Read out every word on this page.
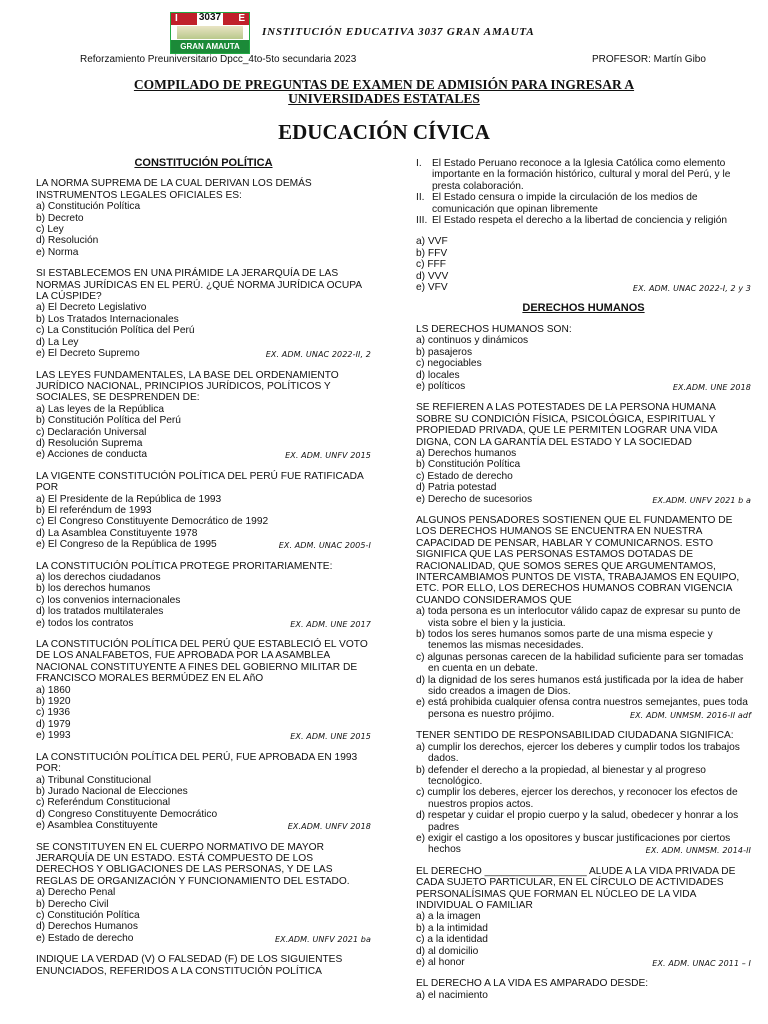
I	E
3037
GRAN AMAUTA
INSTITUCIÓN EDUCATIVA 3037 GRAN AMAUTA
Reforzamiento Preuniversitario Dpcc_4to-5to secundaria 2023	PROFESOR: Martín Gibo
COMPILADO DE PREGUNTAS DE EXAMEN DE ADMISIÓN PARA INGRESAR A UNIVERSIDADES ESTATALES
EDUCACIÓN CÍVICA
CONSTITUCIÓN POLÍTICA
LA NORMA SUPREMA DE LA CUAL DERIVAN LOS DEMÁS INSTRUMENTOS LEGALES OFICIALES ES:
a) Constitución Política
b) Decreto
c) Ley
d) Resolución
e) Norma
SI ESTABLECEMOS EN UNA PIRÁMIDE LA JERARQUÍA DE LAS NORMAS JURÍDICAS EN EL PERÚ. ¿QUÉ NORMA JURÍDICA OCUPA LA CÚSPIDE?
a) El Decreto Legislativo
b) Los Tratados Internacionales
c) La Constitución Política del Perú
d) La Ley
EX. ADM. UNAC 2022-II, 2
e) El Decreto Supremo
LAS LEYES FUNDAMENTALES, LA BASE DEL ORDENAMIENTO JURÍDICO NACIONAL, PRINCIPIOS JURÍDICOS, POLÍTICOS Y SOCIALES, SE DESPRENDEN DE:
a) Las leyes de la República
b) Constitución Política del Perú
c) Declaración Universal
d) Resolución Suprema
EX. ADM. UNFV 2015
e) Acciones de conducta
LA VIGENTE CONSTITUCIÓN POLÍTICA DEL PERÚ FUE RATIFICADA POR
a) El Presidente de la República de 1993
b) El referéndum de 1993
c) El Congreso Constituyente Democrático de 1992
d) La Asamblea Constituyente 1978
EX. ADM. UNAC 2005-I
e) El Congreso de la República de 1995
LA CONSTITUCIÓN POLÍTICA PROTEGE PRORITARIAMENTE:
a) los derechos ciudadanos
b) los derechos humanos
c) los convenios internacionales
d) los tratados multilaterales
EX. ADM. UNE 2017
e) todos los contratos
LA CONSTITUCIÓN POLÍTICA DEL PERÚ QUE ESTABLECIÓ EL VOTO DE LOS ANALFABETOS, FUE APROBADA POR LA ASAMBLEA NACIONAL CONSTITUYENTE A FINES DEL GOBIERNO MILITAR DE FRANCISCO MORALES BERMÚDEZ EN EL AñO
a) 1860
b) 1920
c) 1936
d) 1979
EX. ADM. UNE 2015
e) 1993
LA CONSTITUCIÓN POLÍTICA DEL PERÚ, FUE APROBADA EN 1993 POR:
a) Tribunal Constitucional
b) Jurado Nacional de Elecciones
c) Referéndum Constitucional
d) Congreso Constituyente Democrático
EX.ADM. UNFV 2018
e) Asamblea Constituyente
SE CONSTITUYEN EN EL CUERPO NORMATIVO DE MAYOR JERARQUÍA DE UN ESTADO. ESTÁ COMPUESTO DE LOS DERECHOS Y OBLIGACIONES DE LAS PERSONAS, Y DE LAS REGLAS DE ORGANIZACIÓN Y FUNCIONAMIENTO DEL ESTADO.
a) Derecho Penal
b) Derecho Civil
c) Constitución Política
d) Derechos Humanos
EX.ADM. UNFV 2021 ba
e) Estado de derecho
INDIQUE LA VERDAD (V) O FALSEDAD (F) DE LOS SIGUIENTES ENUNCIADOS, REFERIDOS A LA CONSTITUCIÓN POLÍTICA
I.	El Estado Peruano reconoce a la Iglesia Católica como elemento importante en la formación histórico, cultural y moral del Perú, y le presta colaboración.
II. El Estado censura o impide la circulación de los medios de comunicación que opinan libremente
III. El Estado respeta el derecho a la libertad de conciencia y religión
a) VVF
b) FFV
c) FFF
d) VVV
EX. ADM. UNAC 2022-I, 2 y 3
e) VFV
DERECHOS HUMANOS
LS DERECHOS HUMANOS SON:
a) continuos y dinámicos
b) pasajeros
c) negociables
d) locales
EX.ADM. UNE 2018
e) políticos
SE REFIEREN A LAS POTESTADES DE LA PERSONA HUMANA SOBRE SU CONDICIÓN FÍSICA, PSICOLÓGICA, ESPIRITUAL Y PROPIEDAD PRIVADA, QUE LE PERMITEN LOGRAR UNA VIDA DIGNA, CON LA GARANTÍA DEL ESTADO Y LA SOCIEDAD
a) Derechos humanos
b) Constitución Política
c) Estado de derecho
d) Patria potestad
EX.ADM. UNFV 2021 b a
e) Derecho de sucesorios
ALGUNOS PENSADORES SOSTIENEN QUE EL FUNDAMENTO DE LOS DERECHOS HUMANOS SE ENCUENTRA EN NUESTRA CAPACIDAD DE PENSAR, HABLAR Y COMUNICARNOS. ESTO SIGNIFICA QUE LAS PERSONAS ESTAMOS DOTADAS DE RACIONALIDAD, QUE SOMOS SERES QUE ARGUMENTAMOS, INTERCAMBIAMOS PUNTOS DE VISTA, TRABAJAMOS EN EQUIPO, ETC. POR ELLO, LOS DERECHOS HUMANOS COBRAN VIGENCIA CUANDO CONSIDERAMOS QUE
a) toda persona es un interlocutor válido capaz de expresar su punto de vista sobre el bien y la justicia.
b) todos los seres humanos somos parte de una misma especie y tenemos las mismas necesidades.
c) algunas personas carecen de la habilidad suficiente para ser tomadas en cuenta en un debate.
d) la dignidad de los seres humanos está justificada por la idea de haber sido creados a imagen de Dios.
e) está prohibida cualquier ofensa contra nuestros semejantes, pues toda persona es nuestro prójimo.	EX. ADM. UNMSM. 2016-II adf
TENER SENTIDO DE RESPONSABILIDAD CIUDADANA SIGNIFICA:
a) cumplir los derechos, ejercer los deberes y cumplir todos los trabajos dados.
b) defender el derecho a la propiedad, al bienestar y al progreso tecnológico.
c) cumplir los deberes, ejercer los derechos, y reconocer los efectos de nuestros propios actos.
d) respetar y cuidar el propio cuerpo y la salud, obedecer y honrar a los padres
e) exigir el castigo a los opositores y buscar justificaciones por ciertos hechos	EX. ADM. UNMSM. 2014-II
EL DERECHO __________________ ALUDE A LA VIDA PRIVADA DE CADA SUJETO PARTICULAR, EN EL CÍRCULO DE ACTIVIDADES PERSONALÍSIMAS QUE FORMAN EL NÚCLEO DE LA VIDA INDIVIDUAL O FAMILIAR
a) a la imagen
b) a la intimidad
c) a la identidad
d) al domicilio
EX. ADM. UNAC 2011 – I
e) al honor
EL DERECHO A LA VIDA ES AMPARADO DESDE:
a) el nacimiento
